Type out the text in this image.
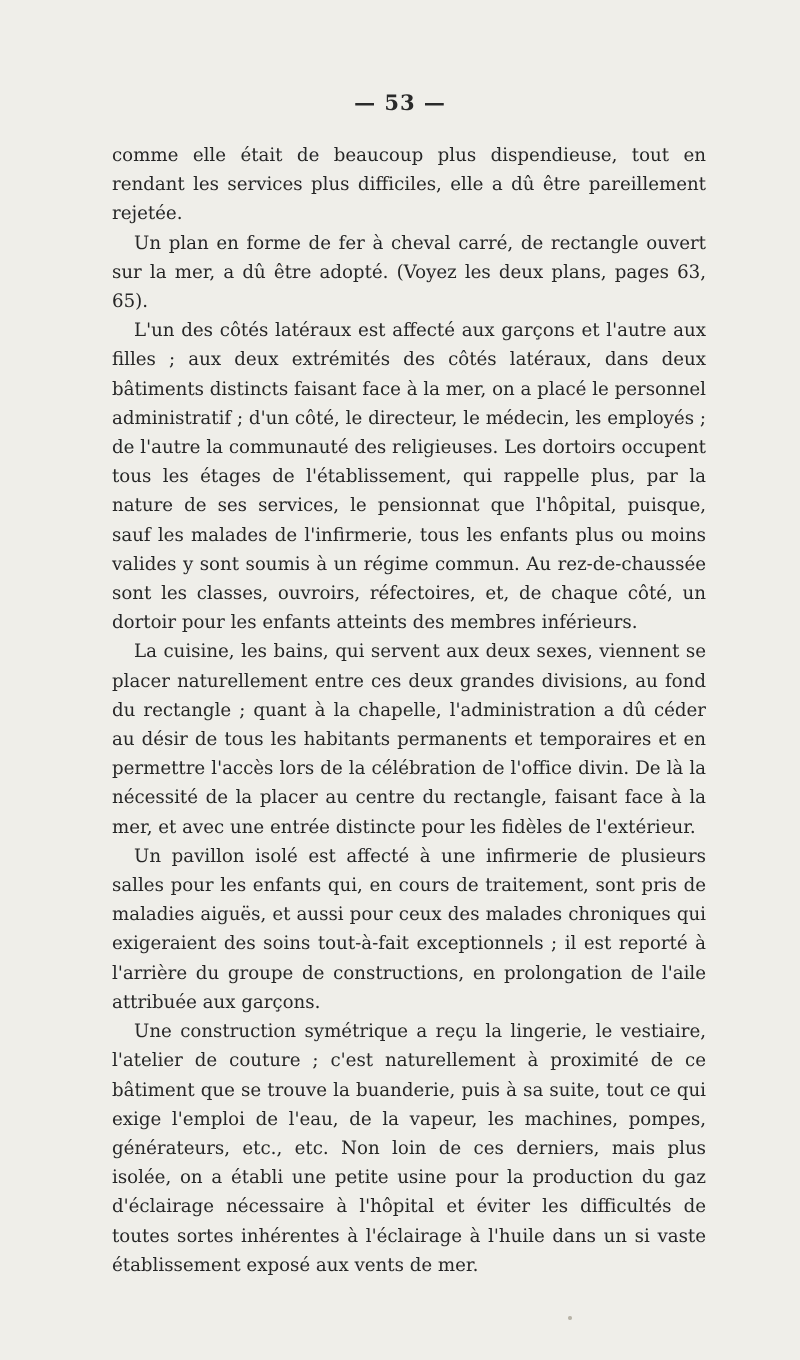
— 53 —

comme elle était de beaucoup plus dispendieuse, tout en rendant les services plus difficiles, elle a dû être pareillement rejetée.

Un plan en forme de fer à cheval carré, de rectangle ouvert sur la mer, a dû être adopté. (Voyez les deux plans, pages 63, 65).

L'un des côtés latéraux est affecté aux garçons et l'autre aux filles ; aux deux extrémités des côtés latéraux, dans deux bâtiments distincts faisant face à la mer, on a placé le personnel administratif ; d'un côté, le directeur, le médecin, les employés ; de l'autre la communauté des religieuses. Les dortoirs occupent tous les étages de l'établissement, qui rappelle plus, par la nature de ses services, le pensionnat que l'hôpital, puisque, sauf les malades de l'infirmerie, tous les enfants plus ou moins valides y sont soumis à un régime commun. Au rez-de-chaussée sont les classes, ouvroirs, réfectoires, et, de chaque côté, un dortoir pour les enfants atteints des membres inférieurs.

La cuisine, les bains, qui servent aux deux sexes, viennent se placer naturellement entre ces deux grandes divisions, au fond du rectangle ; quant à la chapelle, l'administration a dû céder au désir de tous les habitants permanents et temporaires et en permettre l'accès lors de la célébration de l'office divin. De là la nécessité de la placer au centre du rectangle, faisant face à la mer, et avec une entrée distincte pour les fidèles de l'extérieur.

Un pavillon isolé est affecté à une infirmerie de plusieurs salles pour les enfants qui, en cours de traitement, sont pris de maladies aiguës, et aussi pour ceux des malades chroniques qui exigeraient des soins tout-à-fait exceptionnels ; il est reporté à l'arrière du groupe de constructions, en prolongation de l'aile attribuée aux garçons.

Une construction symétrique a reçu la lingerie, le vestiaire, l'atelier de couture ; c'est naturellement à proximité de ce bâtiment que se trouve la buanderie, puis à sa suite, tout ce qui exige l'emploi de l'eau, de la vapeur, les machines, pompes, générateurs, etc., etc. Non loin de ces derniers, mais plus isolée, on a établi une petite usine pour la production du gaz d'éclairage nécessaire à l'hôpital et éviter les difficultés de toutes sortes inhérentes à l'éclairage à l'huile dans un si vaste établissement exposé aux vents de mer.
